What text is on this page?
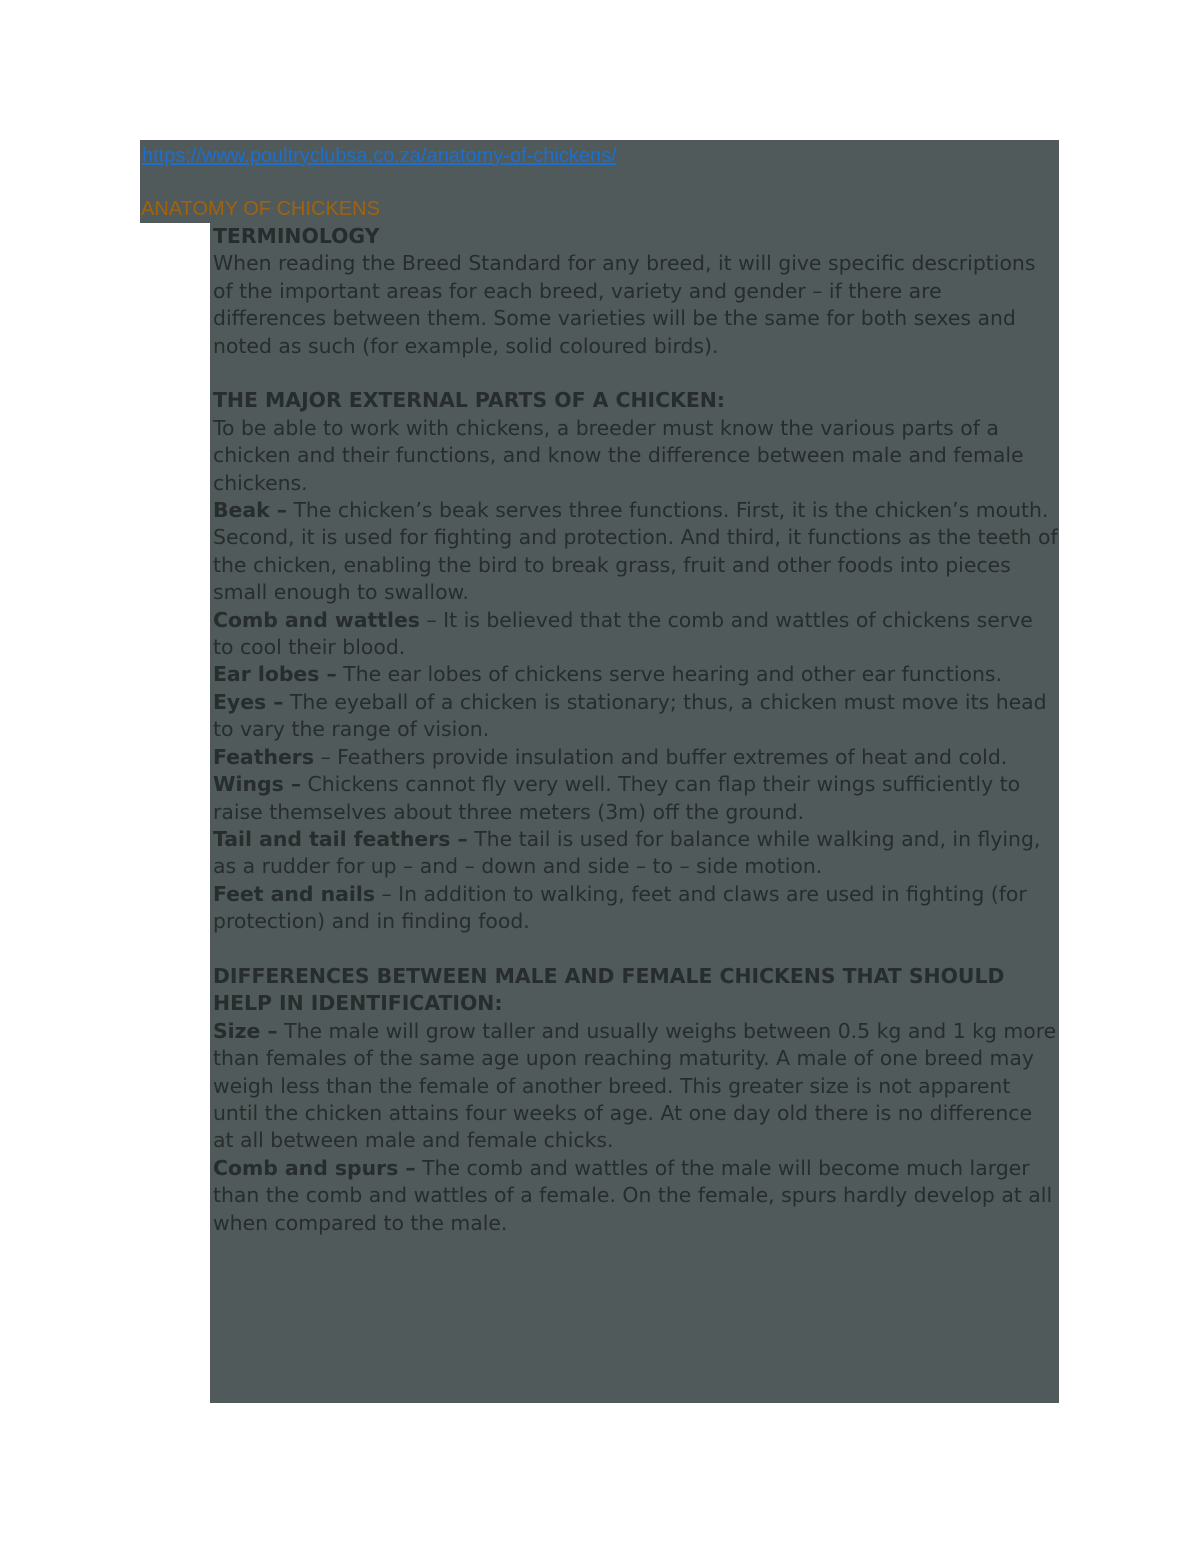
https://www.poultryclubsa.co.za/anatomy-of-chickens/
ANATOMY OF CHICKENS

TERMINOLOGY

When reading the Breed Standard for any breed, it will give specific descriptions of the important areas for each breed, variety and gender – if there are differences between them. Some varieties will be the same for both sexes and noted as such (for example, solid coloured birds).

THE MAJOR EXTERNAL PARTS OF A CHICKEN:

To be able to work with chickens, a breeder must know the various parts of a chicken and their functions, and know the difference between male and female chickens.

Beak – The chicken’s beak serves three functions. First, it is the chicken’s mouth. Second, it is used for fighting and protection. And third, it functions as the teeth of the chicken, enabling the bird to break grass, fruit and other foods into pieces small enough to swallow.

Comb and wattles – It is believed that the comb and wattles of chickens serve to cool their blood.

Ear lobes – The ear lobes of chickens serve hearing and other ear functions.

Eyes – The eyeball of a chicken is stationary; thus, a chicken must move its head to vary the range of vision.

Feathers – Feathers provide insulation and buffer extremes of heat and cold.

Wings – Chickens cannot fly very well. They can flap their wings sufficiently to raise themselves about three meters (3m) off the ground.

Tail and tail feathers – The tail is used for balance while walking and, in flying, as a rudder for up – and – down and side – to – side motion.

Feet and nails – In addition to walking, feet and claws are used in fighting (for protection) and in finding food.

DIFFERENCES BETWEEN MALE AND FEMALE CHICKENS THAT SHOULD HELP IN IDENTIFICATION:

Size – The male will grow taller and usually weighs between 0.5 kg and 1 kg more than females of the same age upon reaching maturity. A male of one breed may weigh less than the female of another breed. This greater size is not apparent until the chicken attains four weeks of age. At one day old there is no difference at all between male and female chicks.

Comb and spurs – The comb and wattles of the male will become much larger than the comb and wattles of a female. On the female, spurs hardly develop at all when compared to the male.
